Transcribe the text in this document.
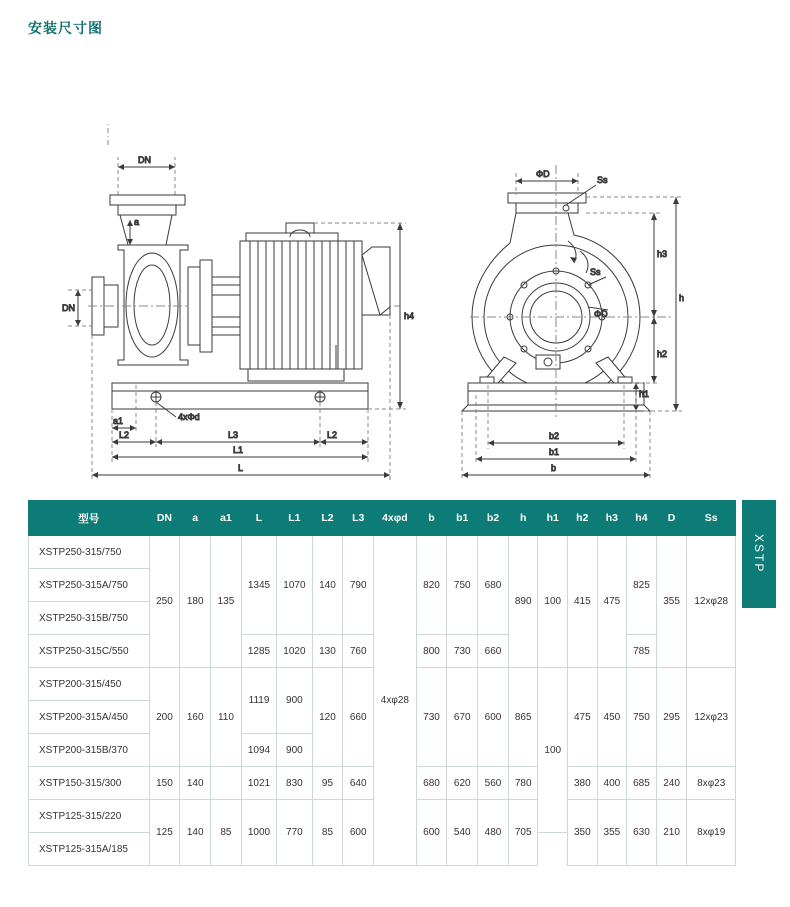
安装尺寸图
DN
a
DN
4xΦd
h4
a1
L2	L3	L2
L1
L
ΦD
Ss
Ss
ΦD
h3
h
h2
h1
b2
b1
b
型号	DN	a	a1	L	L1	L2	L3	4xφd	b	b1	b2	h	h1	h2	h3	h4	D	Ss
XSTP250-315/750	250	180	135	1345	1070	140	790	4xφ28	820	750	680	890	100	415	475	825	355	12xφ28
XSTP250-315A/750																		
XSTP250-315B/750																		
XSTP250-315C/550				1285	1020	130	760		800	730	660					785		
XSTP200-315/450	200	160	110	1119	900	120	660		730	670	600	865	100	475	450	750	295	12xφ23
XSTP200-315A/450																		
XSTP200-315B/370				1094	900													
XSTP150-315/300	150	140		1021	830	95	640		680	620	560	780		380	400	685	240	8xφ23
XSTP125-315/220	125	140	85	1000	770	85	600		600	540	480	705		350	355	630	210	8xφ19
XSTP125-315A/185																		
XSTP
